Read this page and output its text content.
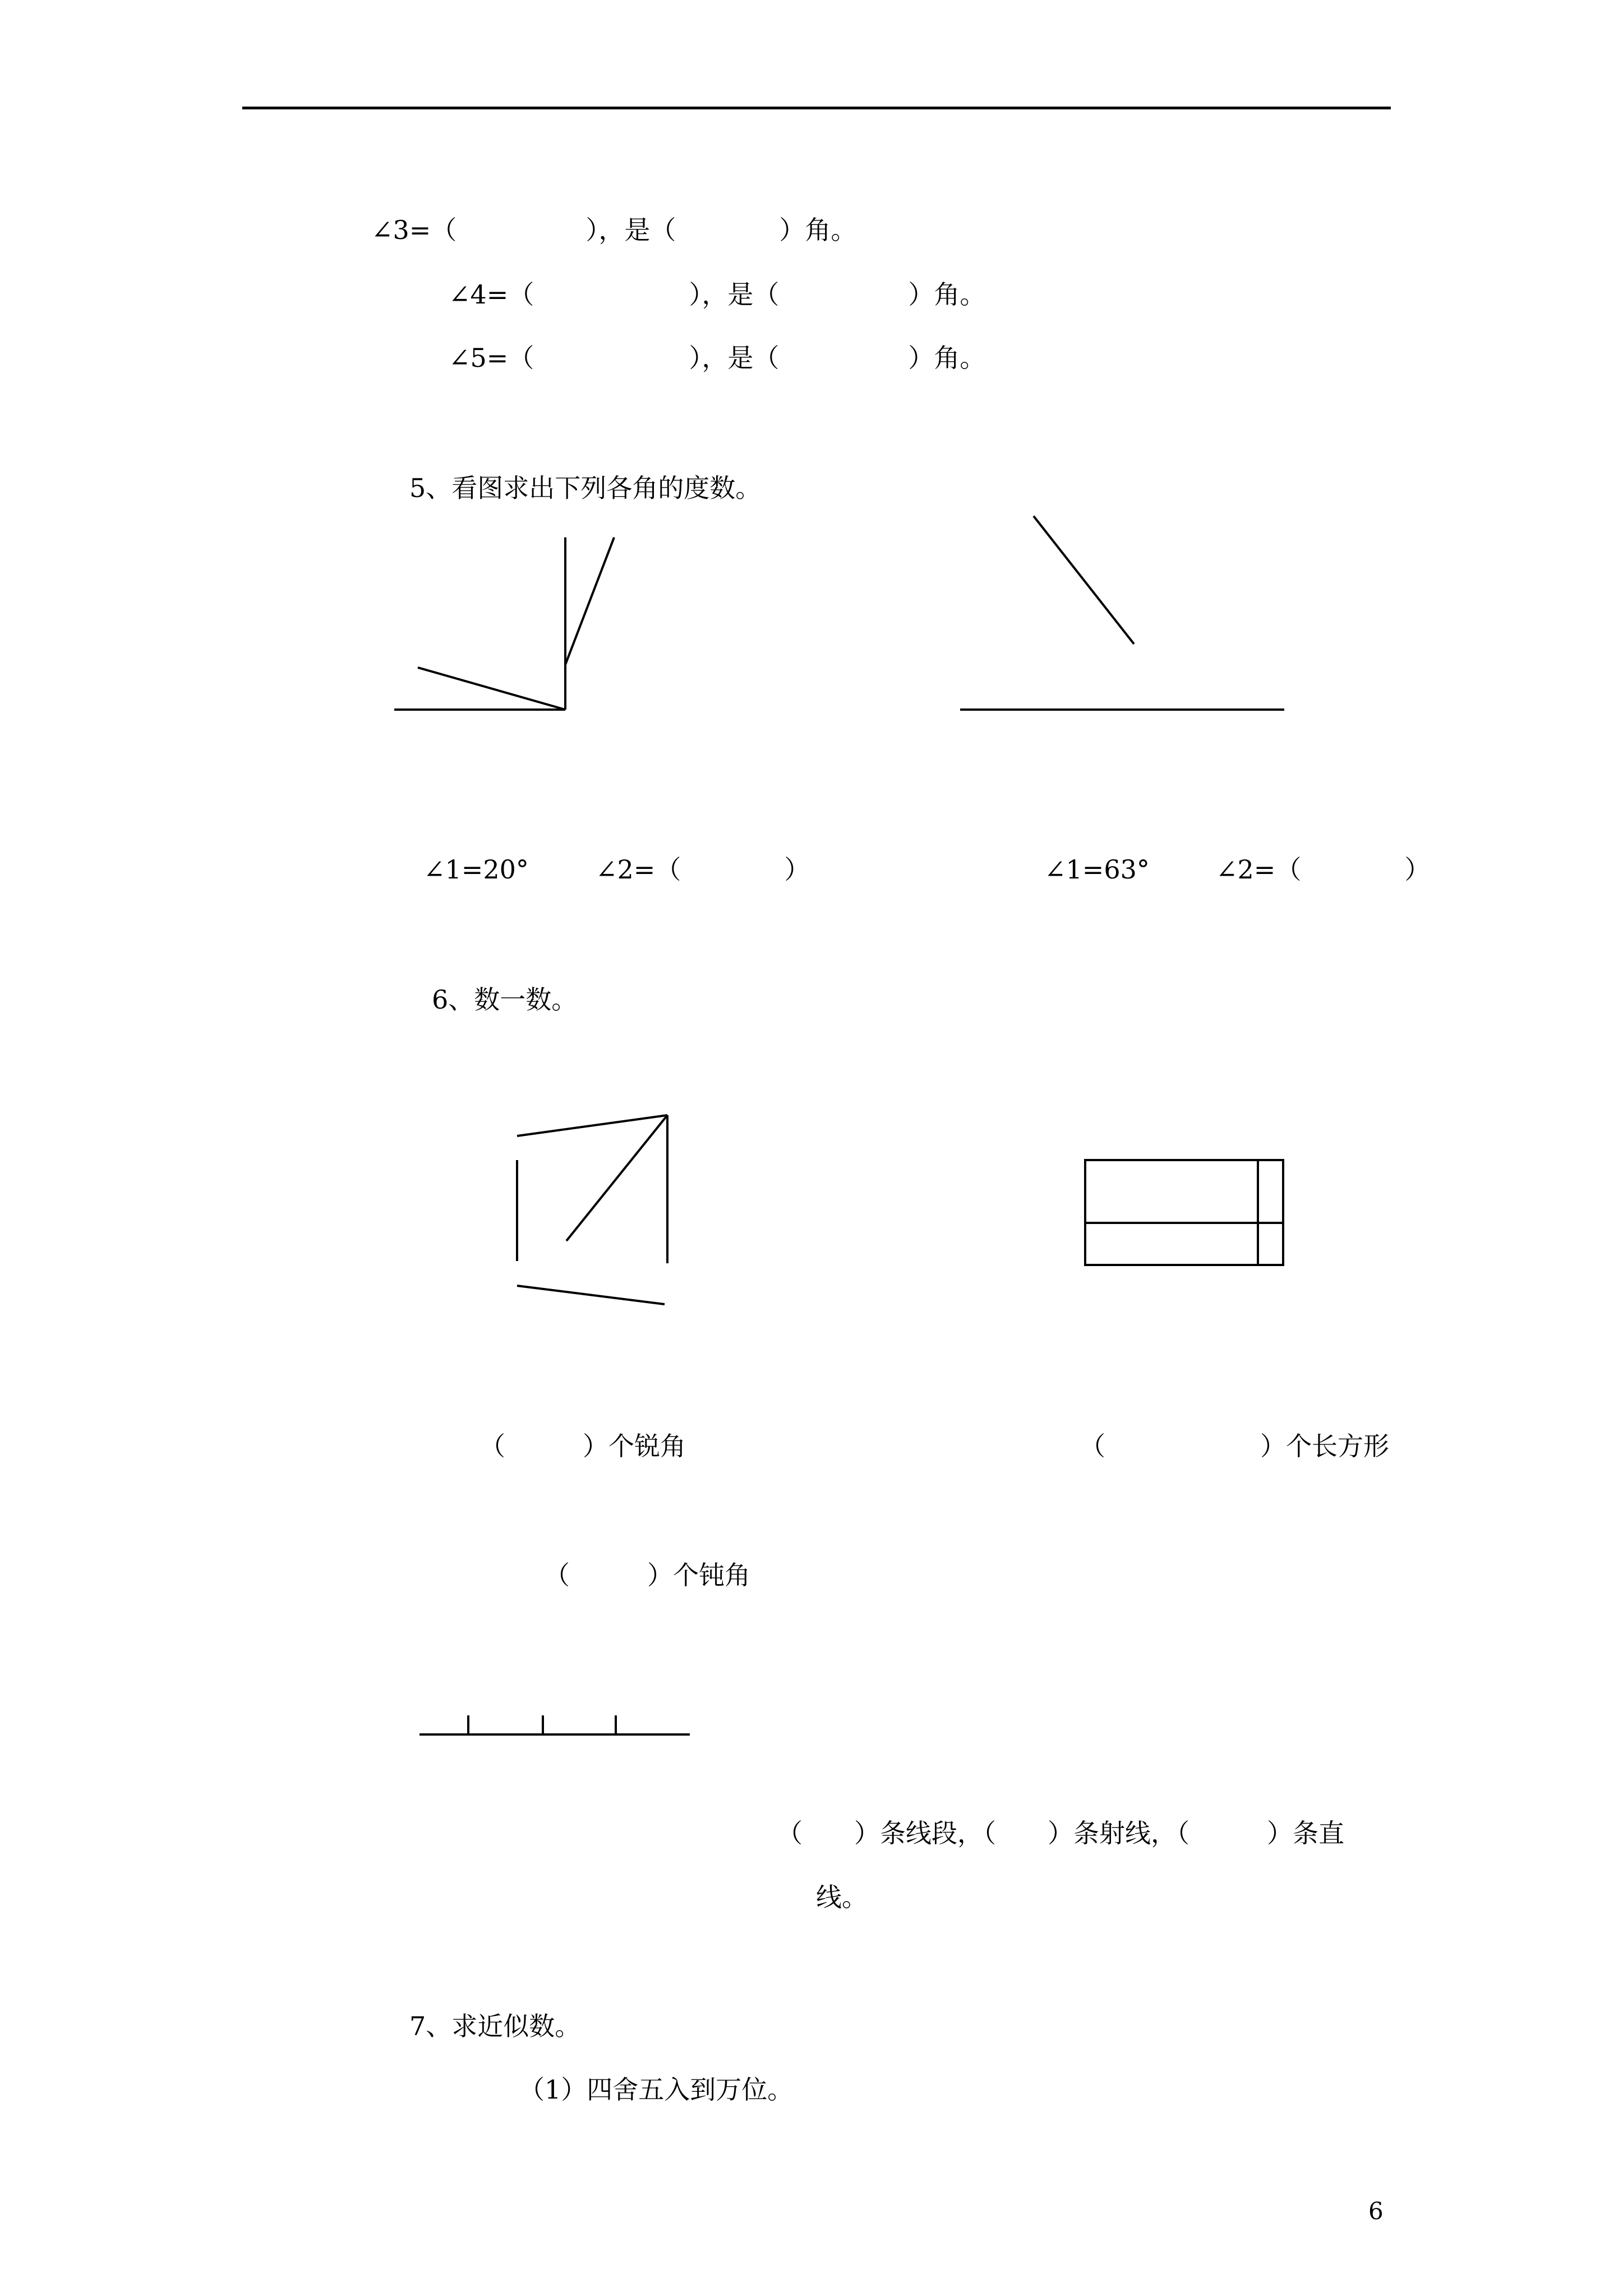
∠3=（　　　　　），是（　　　　）角。
∠4=（　　　　　　），是（　　　　　）角。
∠5=（　　　　　　），是（　　　　　）角。
5、看图求出下列各角的度数。
∠1=20°	∠2=（　　　　）	∠1=63°	∠2=（　　　　）
6、数一数。
（　　　）个锐角	（　　　　　　）个长方形
（　　　）个钝角
（　　）条线段，（　　）条射线，（　　　）条直
线。
7、求近似数。
（1）四舍五入到万位。
6
